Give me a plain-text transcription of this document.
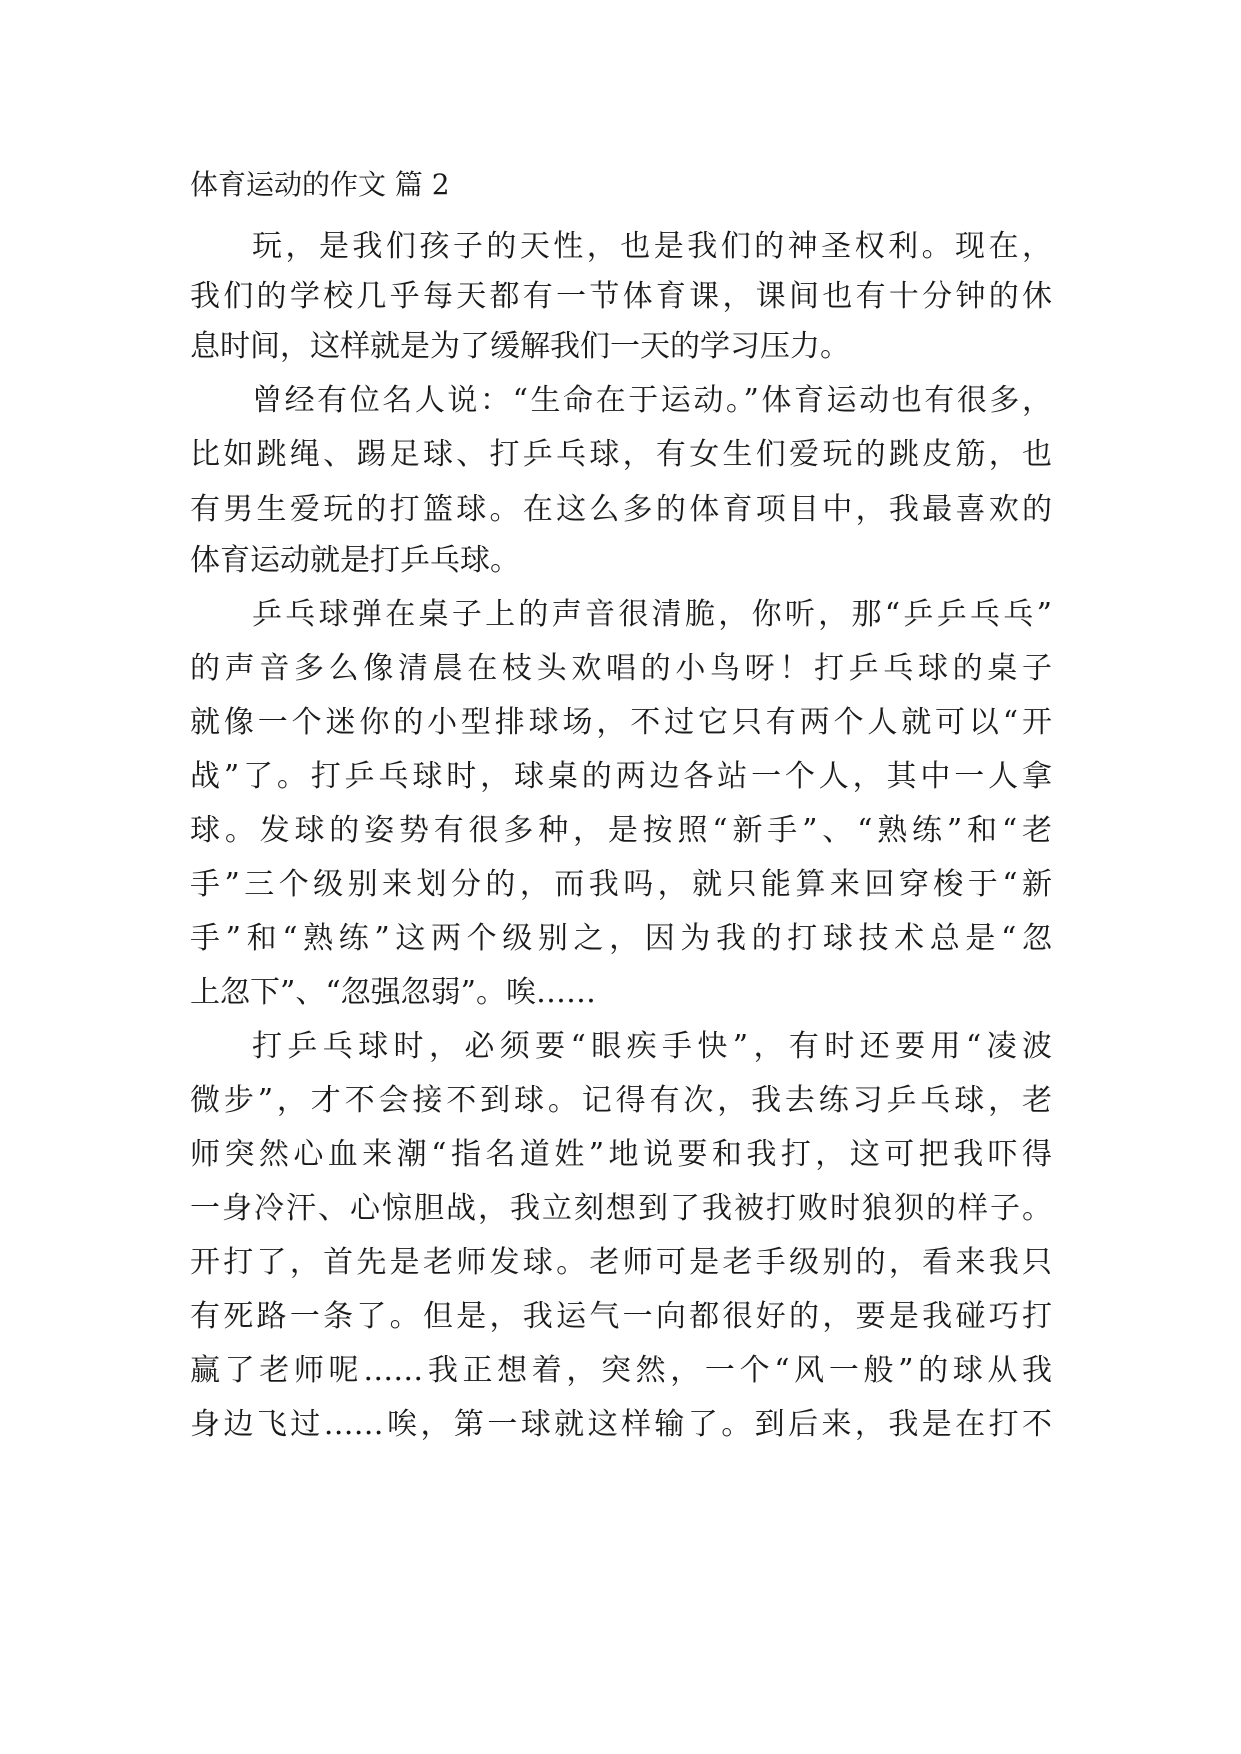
体育运动的作文 篇 2
玩，是我们孩子的天性，也是我们的神圣权利。现在，
我们的学校几乎每天都有一节体育课，课间也有十分钟的休
息时间，这样就是为了缓解我们一天的学习压力。
曾经有位名人说：“生命在于运动。”体育运动也有很多，
比如跳绳、踢足球、打乒乓球，有女生们爱玩的跳皮筋，也
有男生爱玩的打篮球。在这么多的体育项目中，我最喜欢的
体育运动就是打乒乓球。
乒乓球弹在桌子上的声音很清脆，你听，那“乒乒乓乓”
的声音多么像清晨在枝头欢唱的小鸟呀！打乒乓球的桌子
就像一个迷你的小型排球场，不过它只有两个人就可以“开
战”了。打乒乓球时，球桌的两边各站一个人，其中一人拿
球。发球的姿势有很多种，是按照“新手”、“熟练”和“老
手”三个级别来划分的，而我吗，就只能算来回穿梭于“新
手”和“熟练”这两个级别之，因为我的打球技术总是“忽
上忽下”、“忽强忽弱”。唉……
打乒乓球时，必须要“眼疾手快”，有时还要用“凌波
微步”，才不会接不到球。记得有次，我去练习乒乓球，老
师突然心血来潮“指名道姓”地说要和我打，这可把我吓得
一身冷汗、心惊胆战，我立刻想到了我被打败时狼狈的样子。
开打了，首先是老师发球。老师可是老手级别的，看来我只
有死路一条了。但是，我运气一向都很好的，要是我碰巧打
赢了老师呢……我正想着，突然，一个“风一般”的球从我
身边飞过……唉，第一球就这样输了。到后来，我是在打不
